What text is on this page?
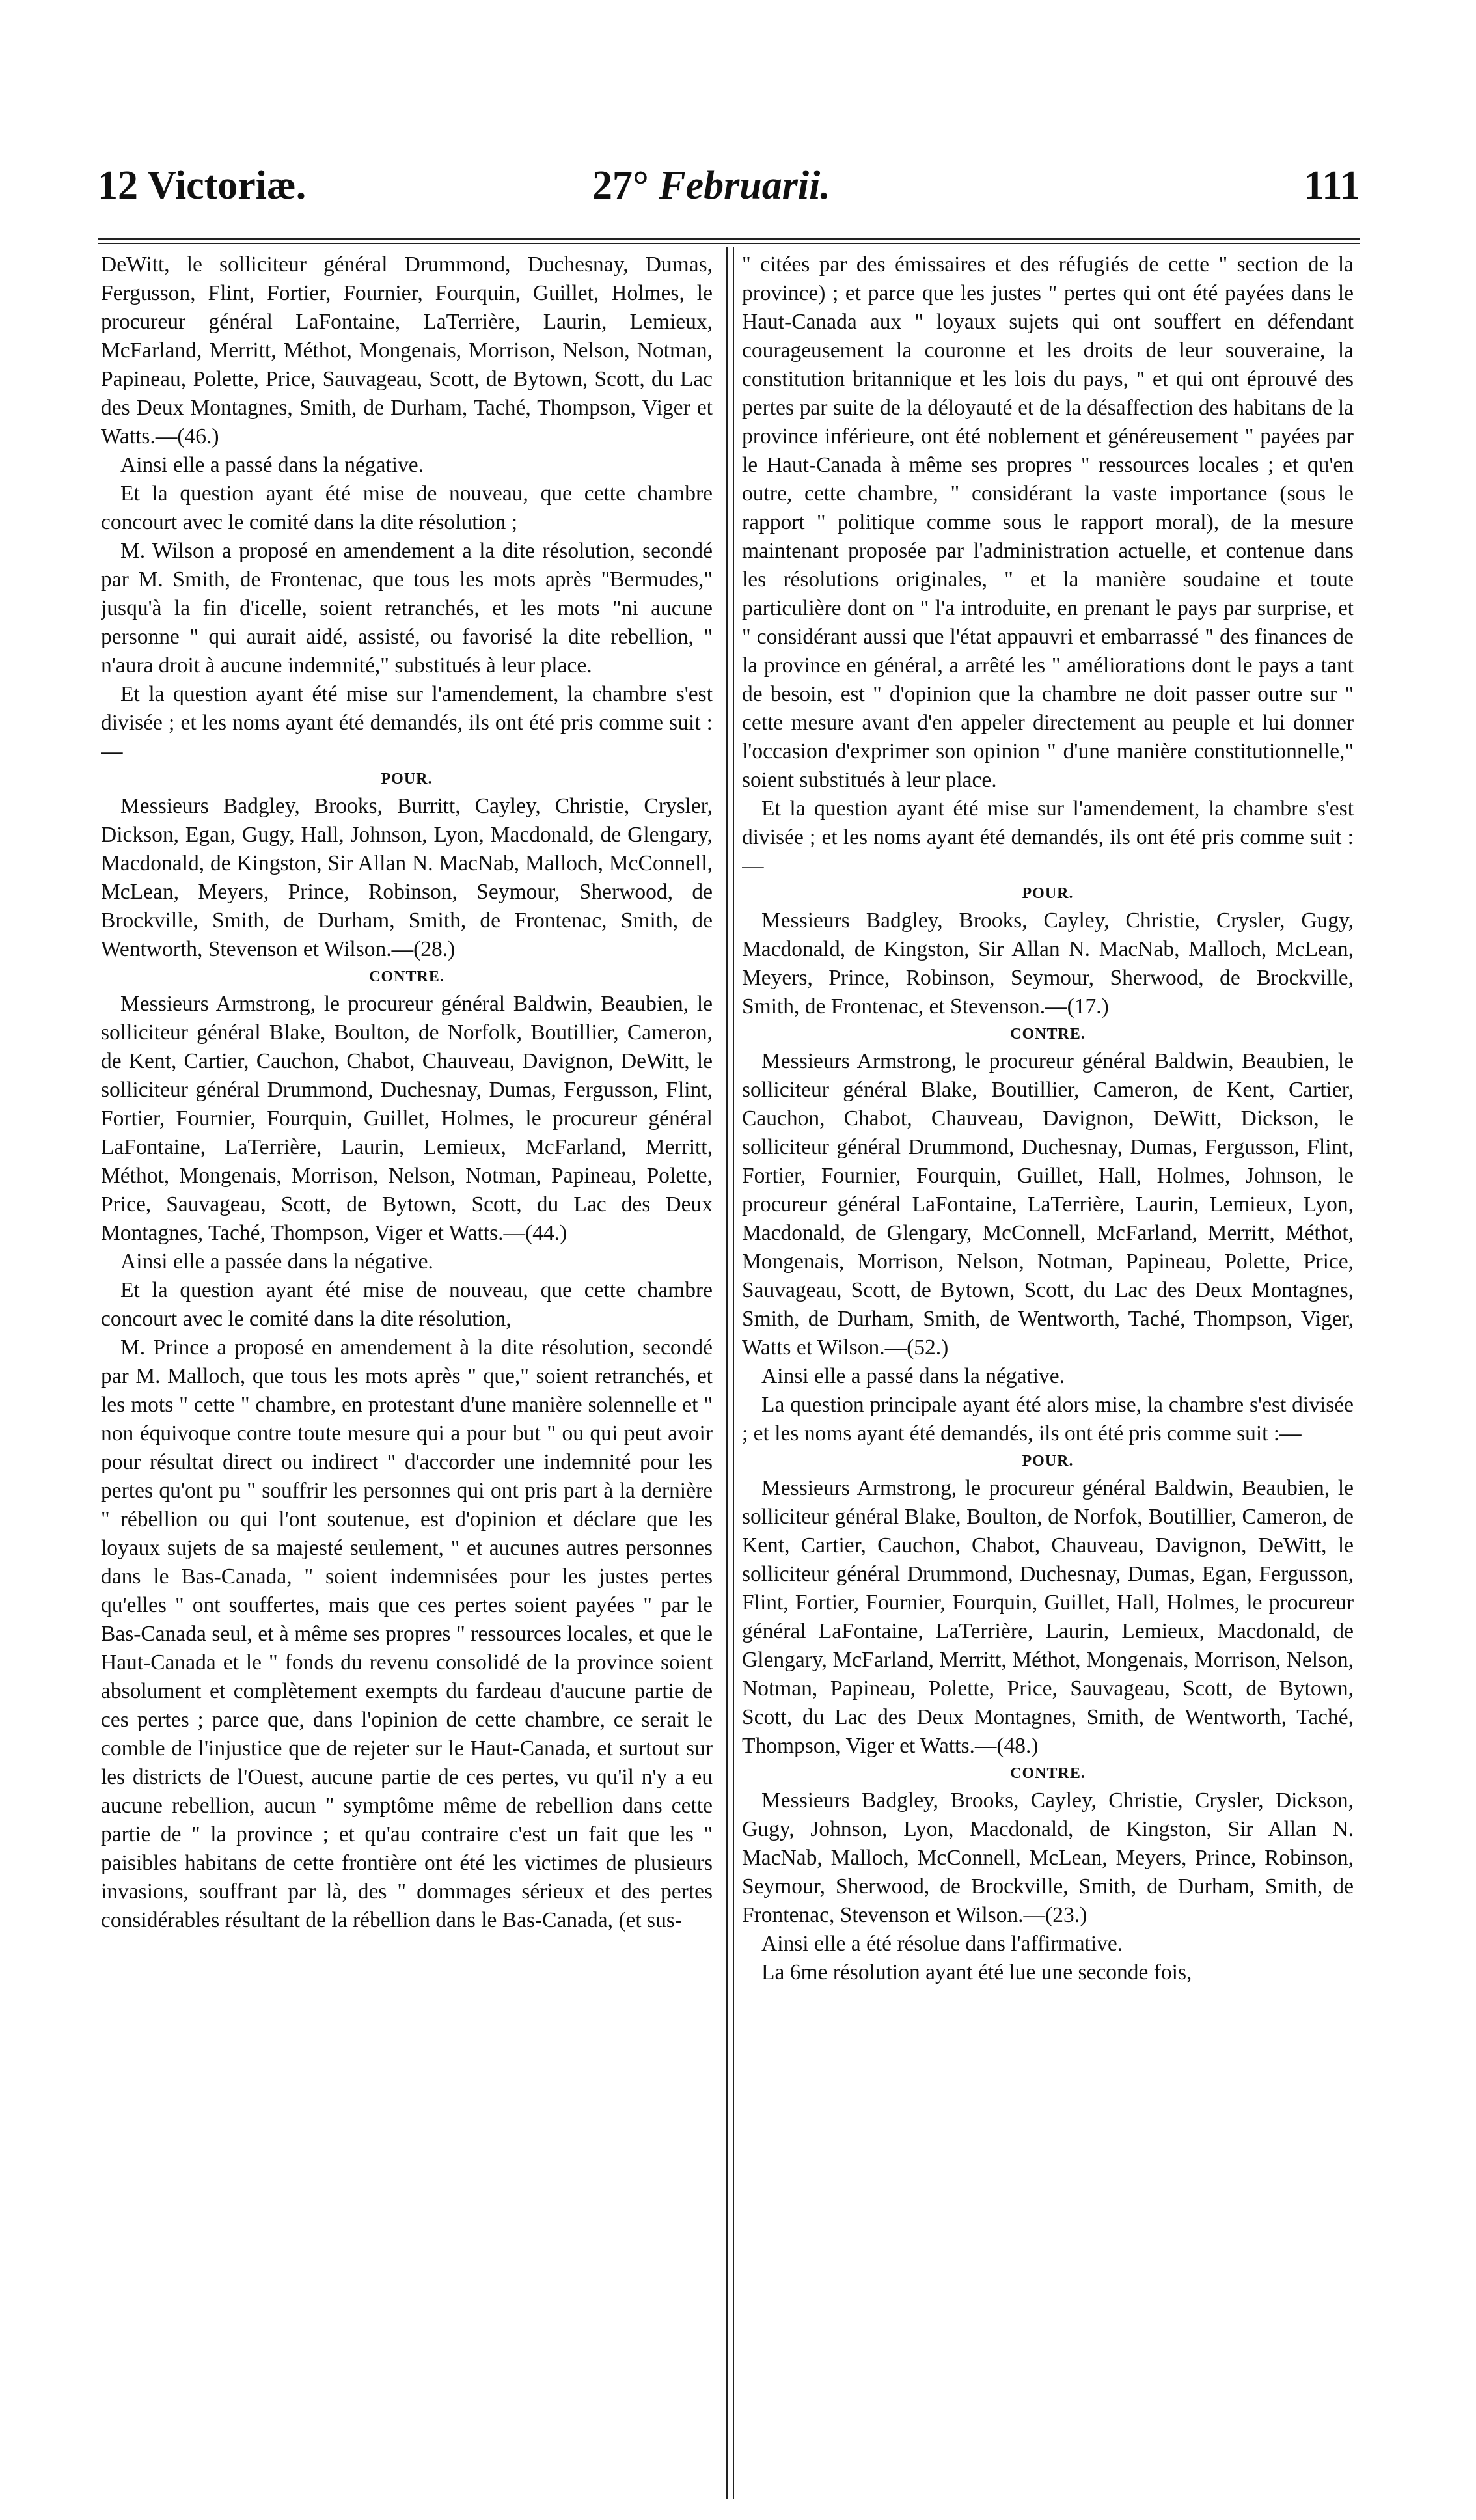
12 Victoriæ.	27° Februarii.	111

DeWitt, le solliciteur général Drummond, Duchesnay, Dumas, Fergusson, Flint, Fortier, Fournier, Fourquin, Guillet, Holmes, le procureur général LaFontaine, LaTerrière, Laurin, Lemieux, McFarland, Merritt, Méthot, Mongenais, Morrison, Nelson, Notman, Papineau, Polette, Price, Sauvageau, Scott, de Bytown, Scott, du Lac des Deux Montagnes, Smith, de Durham, Taché, Thompson, Viger et Watts.—(46.)

Ainsi elle a passé dans la négative.

Et la question ayant été mise de nouveau, que cette chambre concourt avec le comité dans la dite résolution ;

M. Wilson a proposé en amendement a la dite résolution, secondé par M. Smith, de Frontenac, que tous les mots après "Bermudes," jusqu'à la fin d'icelle, soient retranchés, et les mots "ni aucune personne " qui aurait aidé, assisté, ou favorisé la dite rebellion, " n'aura droit à aucune indemnité," substitués à leur place.

Et la question ayant été mise sur l'amendement, la chambre s'est divisée ; et les noms ayant été demandés, ils ont été pris comme suit :—

POUR.

Messieurs Badgley, Brooks, Burritt, Cayley, Christie, Crysler, Dickson, Egan, Gugy, Hall, Johnson, Lyon, Macdonald, de Glengary, Macdonald, de Kingston, Sir Allan N. MacNab, Malloch, McConnell, McLean, Meyers, Prince, Robinson, Seymour, Sherwood, de Brockville, Smith, de Durham, Smith, de Frontenac, Smith, de Wentworth, Stevenson et Wilson.—(28.)

CONTRE.

Messieurs Armstrong, le procureur général Baldwin, Beaubien, le solliciteur général Blake, Boulton, de Norfolk, Boutillier, Cameron, de Kent, Cartier, Cauchon, Chabot, Chauveau, Davignon, DeWitt, le solliciteur général Drummond, Duchesnay, Dumas, Fergusson, Flint, Fortier, Fournier, Fourquin, Guillet, Holmes, le procureur général LaFontaine, LaTerrière, Laurin, Lemieux, McFarland, Merritt, Méthot, Mongenais, Morrison, Nelson, Notman, Papineau, Polette, Price, Sauvageau, Scott, de Bytown, Scott, du Lac des Deux Montagnes, Taché, Thompson, Viger et Watts.—(44.)

Ainsi elle a passée dans la négative.

Et la question ayant été mise de nouveau, que cette chambre concourt avec le comité dans la dite résolution,

M. Prince a proposé en amendement à la dite résolution, secondé par M. Malloch, que tous les mots après " que," soient retranchés, et les mots " cette " chambre, en protestant d'une manière solennelle et " non équivoque contre toute mesure qui a pour but " ou qui peut avoir pour résultat direct ou indirect " d'accorder une indemnité pour les pertes qu'ont pu " souffrir les personnes qui ont pris part à la dernière " rébellion ou qui l'ont soutenue, est d'opinion et déclare que les loyaux sujets de sa majesté seulement, " et aucunes autres personnes dans le Bas-Canada, " soient indemnisées pour les justes pertes qu'elles " ont souffertes, mais que ces pertes soient payées " par le Bas-Canada seul, et à même ses propres " ressources locales, et que le Haut-Canada et le " fonds du revenu consolidé de la province soient absolument et complètement exempts du fardeau d'aucune partie de ces pertes ; parce que, dans l'opinion de cette chambre, ce serait le comble de l'injustice que de rejeter sur le Haut-Canada, et surtout sur les districts de l'Ouest, aucune partie de ces pertes, vu qu'il n'y a eu aucune rebellion, aucun " symptôme même de rebellion dans cette partie de " la province ; et qu'au contraire c'est un fait que les " paisibles habitans de cette frontière ont été les victimes de plusieurs invasions, souffrant par là, des " dommages sérieux et des pertes considérables résultant de la rébellion dans le Bas-Canada, (et sus-

" citées par des émissaires et des réfugiés de cette " section de la province) ; et parce que les justes " pertes qui ont été payées dans le Haut-Canada aux " loyaux sujets qui ont souffert en défendant courageusement la couronne et les droits de leur souveraine, la constitution britannique et les lois du pays, " et qui ont éprouvé des pertes par suite de la déloyauté et de la désaffection des habitans de la province inférieure, ont été noblement et généreusement " payées par le Haut-Canada à même ses propres " ressources locales ; et qu'en outre, cette chambre, " considérant la vaste importance (sous le rapport " politique comme sous le rapport moral), de la mesure maintenant proposée par l'administration actuelle, et contenue dans les résolutions originales, " et la manière soudaine et toute particulière dont on " l'a introduite, en prenant le pays par surprise, et " considérant aussi que l'état appauvri et embarrassé " des finances de la province en général, a arrêté les " améliorations dont le pays a tant de besoin, est " d'opinion que la chambre ne doit passer outre sur " cette mesure avant d'en appeler directement au peuple et lui donner l'occasion d'exprimer son opinion " d'une manière constitutionnelle," soient substitués à leur place.

Et la question ayant été mise sur l'amendement, la chambre s'est divisée ; et les noms ayant été demandés, ils ont été pris comme suit :—

POUR.

Messieurs Badgley, Brooks, Cayley, Christie, Crysler, Gugy, Macdonald, de Kingston, Sir Allan N. MacNab, Malloch, McLean, Meyers, Prince, Robinson, Seymour, Sherwood, de Brockville, Smith, de Frontenac, et Stevenson.—(17.)

CONTRE.

Messieurs Armstrong, le procureur général Baldwin, Beaubien, le solliciteur général Blake, Boutillier, Cameron, de Kent, Cartier, Cauchon, Chabot, Chauveau, Davignon, DeWitt, Dickson, le solliciteur général Drummond, Duchesnay, Dumas, Fergusson, Flint, Fortier, Fournier, Fourquin, Guillet, Hall, Holmes, Johnson, le procureur général LaFontaine, LaTerrière, Laurin, Lemieux, Lyon, Macdonald, de Glengary, McConnell, McFarland, Merritt, Méthot, Mongenais, Morrison, Nelson, Notman, Papineau, Polette, Price, Sauvageau, Scott, de Bytown, Scott, du Lac des Deux Montagnes, Smith, de Durham, Smith, de Wentworth, Taché, Thompson, Viger, Watts et Wilson.—(52.)

Ainsi elle a passé dans la négative.

La question principale ayant été alors mise, la chambre s'est divisée ; et les noms ayant été demandés, ils ont été pris comme suit :—

POUR.

Messieurs Armstrong, le procureur général Baldwin, Beaubien, le solliciteur général Blake, Boulton, de Norfok, Boutillier, Cameron, de Kent, Cartier, Cauchon, Chabot, Chauveau, Davignon, DeWitt, le solliciteur général Drummond, Duchesnay, Dumas, Egan, Fergusson, Flint, Fortier, Fournier, Fourquin, Guillet, Hall, Holmes, le procureur général LaFontaine, LaTerrière, Laurin, Lemieux, Macdonald, de Glengary, McFarland, Merritt, Méthot, Mongenais, Morrison, Nelson, Notman, Papineau, Polette, Price, Sauvageau, Scott, de Bytown, Scott, du Lac des Deux Montagnes, Smith, de Wentworth, Taché, Thompson, Viger et Watts.—(48.)

CONTRE.

Messieurs Badgley, Brooks, Cayley, Christie, Crysler, Dickson, Gugy, Johnson, Lyon, Macdonald, de Kingston, Sir Allan N. MacNab, Malloch, McConnell, McLean, Meyers, Prince, Robinson, Seymour, Sherwood, de Brockville, Smith, de Durham, Smith, de Frontenac, Stevenson et Wilson.—(23.)

Ainsi elle a été résolue dans l'affirmative.

La 6me résolution ayant été lue une seconde fois,
